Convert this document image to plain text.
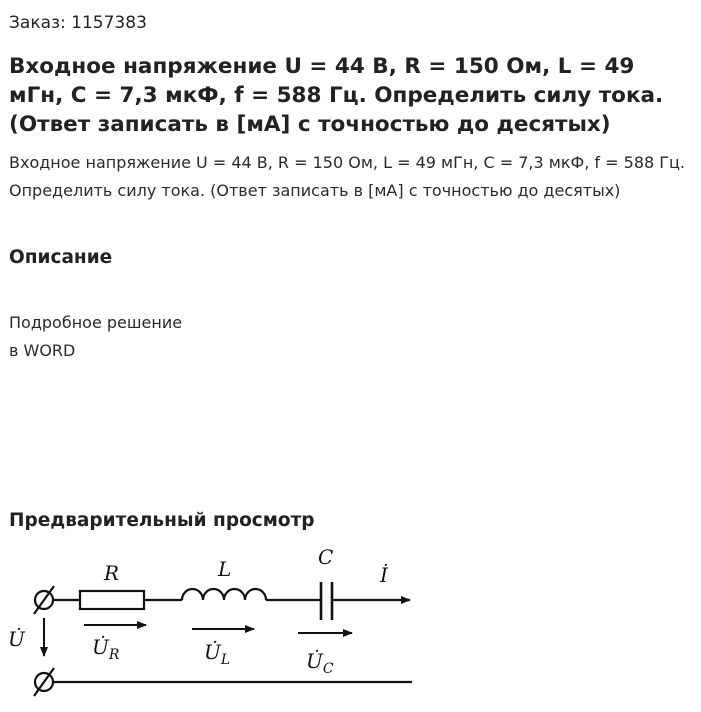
Заказ: 1157383
Входное напряжение U = 44 В, R = 150 Ом, L = 49 мГн, С = 7,3 мкФ, f = 588 Гц. Определить силу тока. (Ответ записать в [мА] с точностью до десятых)

Входное напряжение U = 44 В, R = 150 Ом, L = 49 мГн, С = 7,3 мкФ, f = 588 Гц. Определить силу тока. (Ответ записать в [мА] с точностью до десятых)

Описание
Подробное решение
в WORD
Предварительный просмотр
R
$U̇_R$
L
$U̇_L$
C
$U̇_C$
İ
U̇
